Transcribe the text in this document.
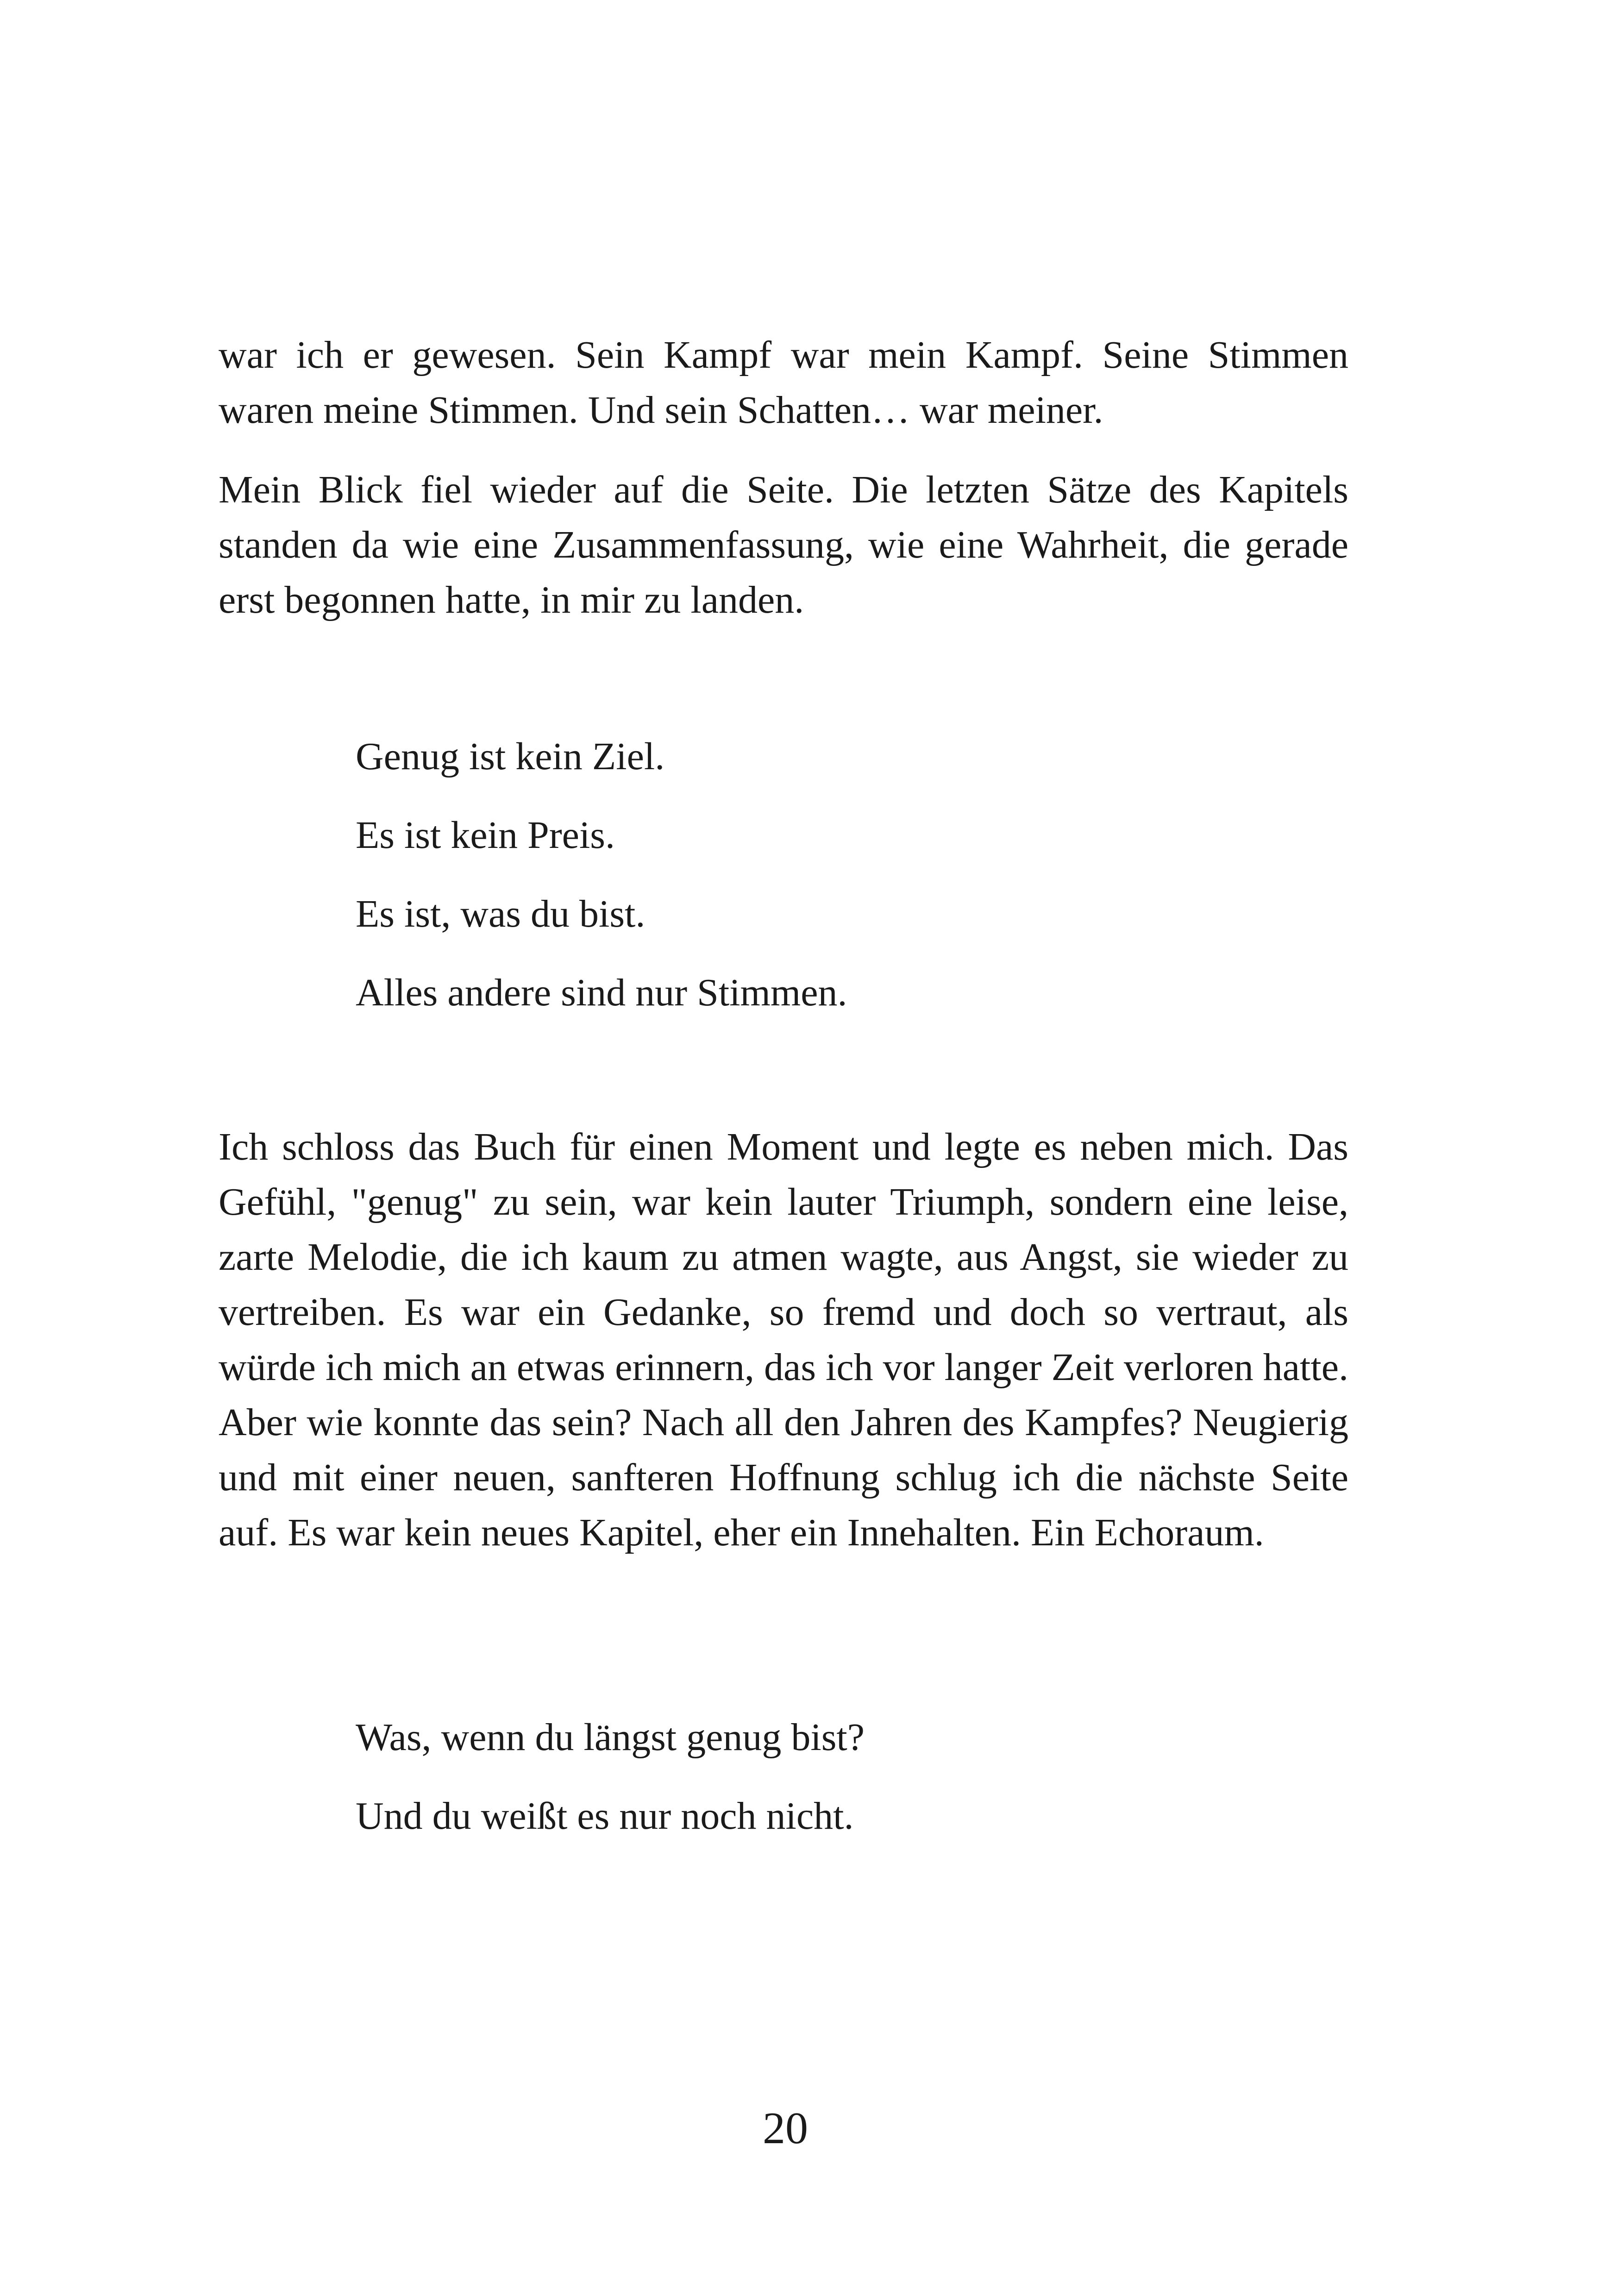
war ich er gewesen. Sein Kampf war mein Kampf. Seine Stimmen waren meine Stimmen. Und sein Schatten… war meiner.

Mein Blick fiel wieder auf die Seite. Die letzten Sätze des Kapitels standen da wie eine Zusammenfassung, wie eine Wahrheit, die gerade erst begonnen hatte, in mir zu landen.

Genug ist kein Ziel.
Es ist kein Preis.
Es ist, was du bist.
Alles andere sind nur Stimmen.

Ich schloss das Buch für einen Moment und legte es neben mich. Das Gefühl, "genug" zu sein, war kein lauter Triumph, sondern eine leise, zarte Melodie, die ich kaum zu atmen wagte, aus Angst, sie wieder zu vertreiben. Es war ein Gedanke, so fremd und doch so vertraut, als würde ich mich an etwas erinnern, das ich vor langer Zeit verloren hatte. Aber wie konnte das sein? Nach all den Jahren des Kampfes? Neugierig und mit einer neuen, sanfteren Hoffnung schlug ich die nächste Seite auf. Es war kein neues Kapitel, eher ein Innehalten. Ein Echoraum.

Was, wenn du längst genug bist?
Und du weißt es nur noch nicht.
20
